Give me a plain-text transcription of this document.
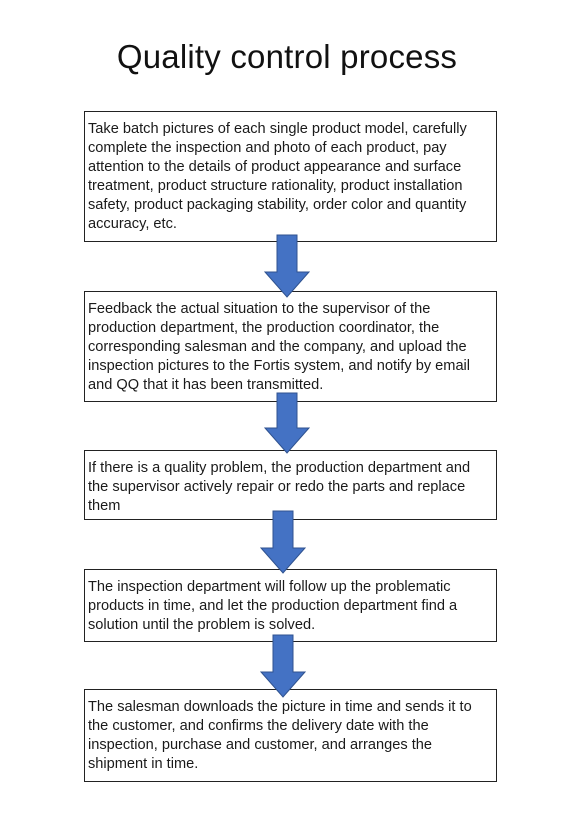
Quality control process
Take batch pictures of each single product model, carefully complete the inspection and photo of each product, pay attention to the details of product appearance and surface treatment, product structure rationality, product installation safety, product packaging stability, order color and quantity accuracy, etc.
Feedback the actual situation to the supervisor of the production department, the production coordinator, the corresponding salesman and the company, and upload the inspection pictures to the Fortis system, and notify by email and QQ that it has been transmitted.
If there is a quality problem, the production department and the supervisor actively repair or redo the parts and replace them
The inspection department will follow up the problematic products in time, and let the production department find a solution until the problem is solved.
The salesman downloads the picture in time and sends it to the customer, and confirms the delivery date with the inspection, purchase and customer, and arranges the shipment in time.
